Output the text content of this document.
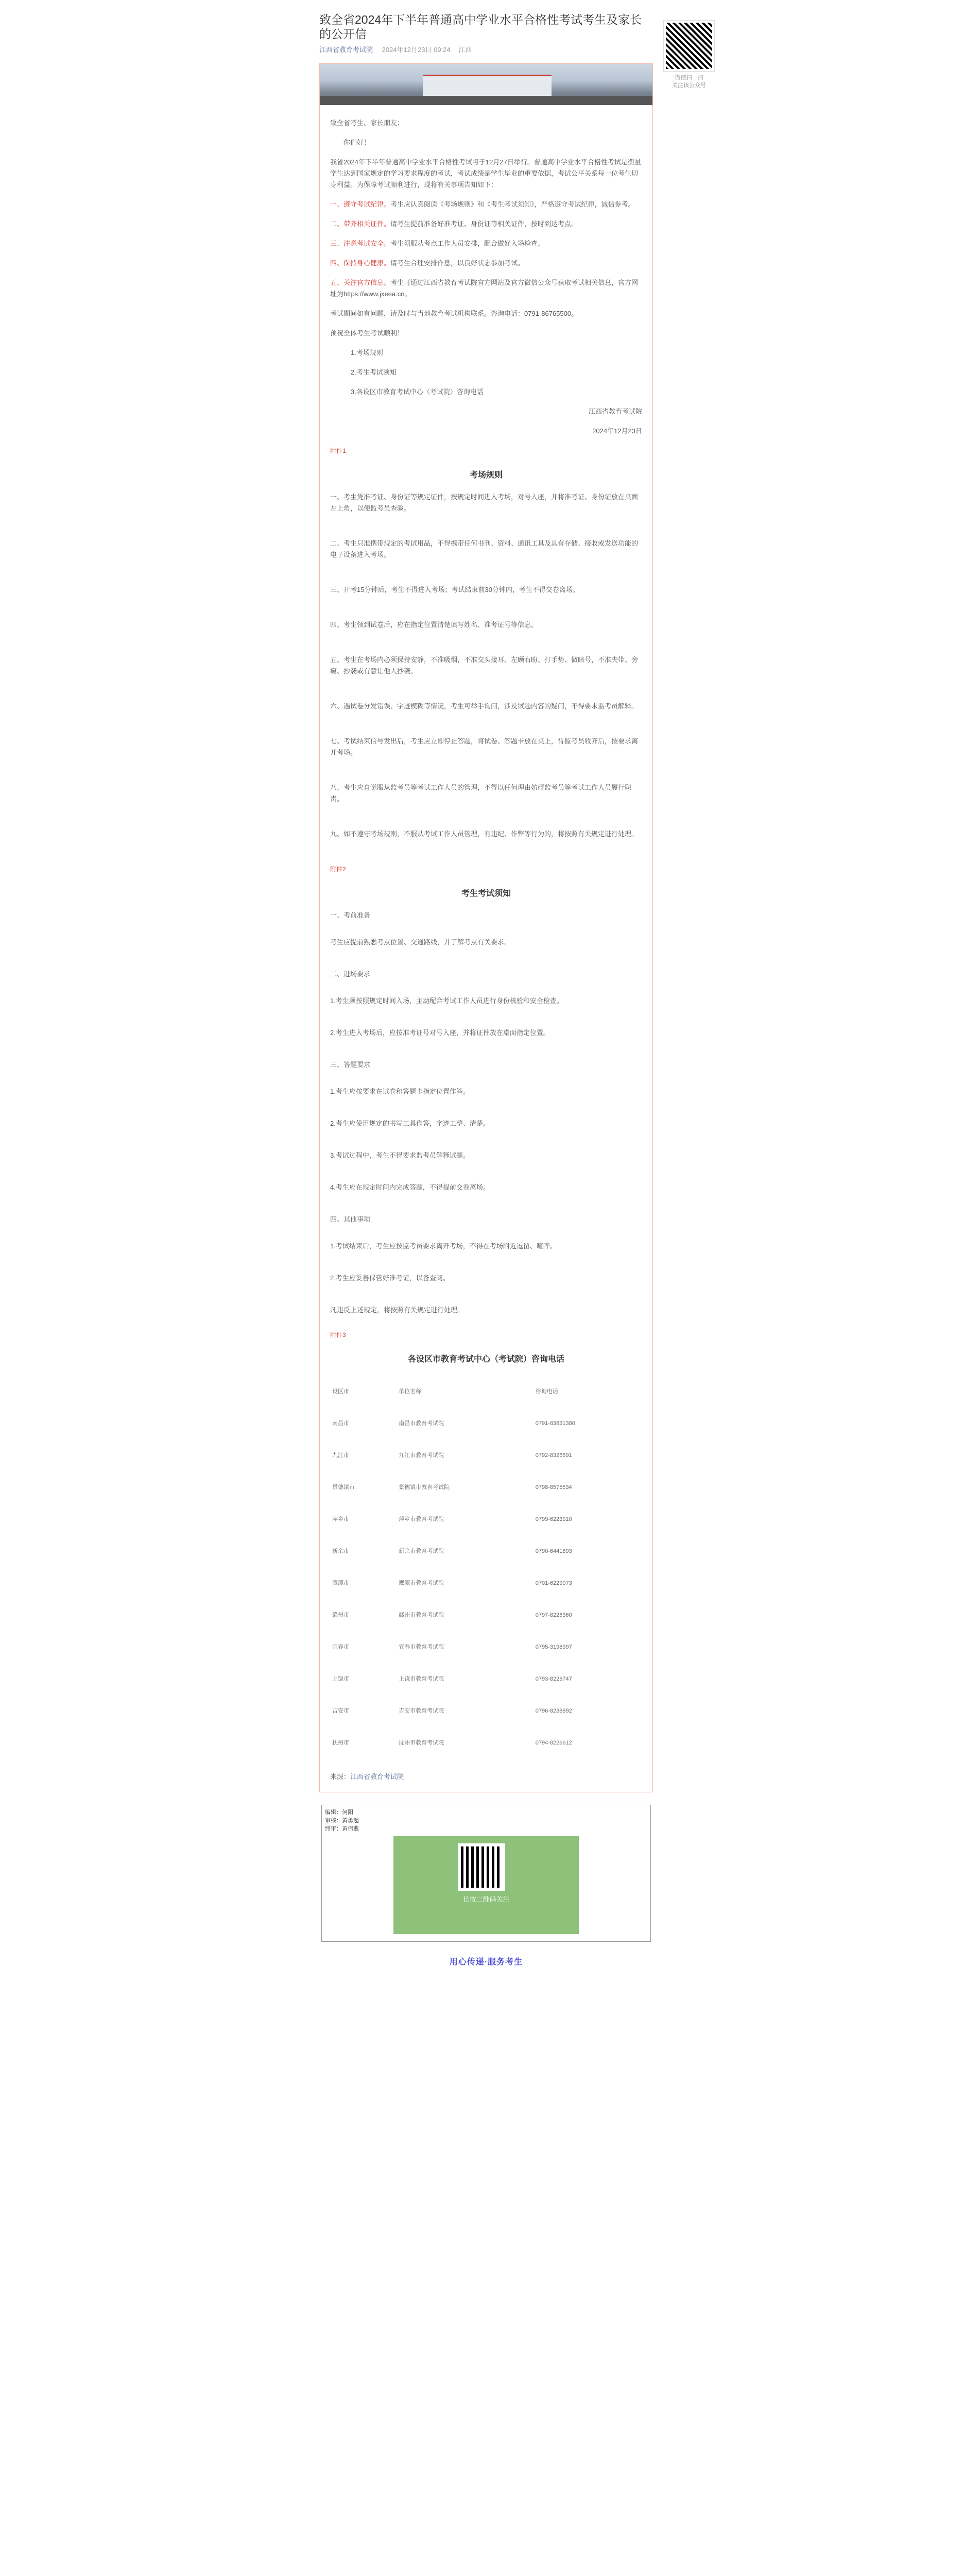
微信扫一扫
关注该公众号
致全省2024年下半年普通高中学业水平合格性考试考生及家长的公开信
江西省教育考试院 2024年12月23日 09:24 江西

致全省考生、家长朋友：

你们好！

我省2024年下半年普通高中学业水平合格性考试将于12月27日举行。普通高中学业水平合格性考试是衡量学生达到国家规定的学习要求程度的考试，考试成绩是学生毕业的重要依据，考试公平关系每一位考生切身利益。为保障考试顺利进行，现将有关事项告知如下：

一、遵守考试纪律。考生应认真阅读《考场规则》和《考生考试须知》，严格遵守考试纪律，诚信参考。

二、带齐相关证件。请考生提前准备好准考证、身份证等相关证件，按时到达考点。

三、注意考试安全。考生须服从考点工作人员安排，配合做好入场检查。

四、保持身心健康。请考生合理安排作息，以良好状态参加考试。

五、关注官方信息。考生可通过江西省教育考试院官方网站及官方微信公众号获取考试相关信息，官方网址为https://www.jxeea.cn。

考试期间如有问题，请及时与当地教育考试机构联系。咨询电话：0791-86765500。

预祝全体考生考试顺利！

1.考场规则

2.考生考试须知

3.各设区市教育考试中心（考试院）咨询电话

江西省教育考试院

2024年12月23日

附件1
考场规则

一、考生凭准考证、身份证等规定证件，按规定时间进入考场，对号入座，并将准考证、身份证放在桌面左上角，以便监考员查验。

二、考生只准携带规定的考试用品，不得携带任何书刊、资料、通讯工具及具有存储、接收或发送功能的电子设备进入考场。

三、开考15分钟后，考生不得进入考场；考试结束前30分钟内，考生不得交卷离场。

四、考生领到试卷后，应在指定位置清楚填写姓名、准考证号等信息。

五、考生在考场内必须保持安静，不准吸烟，不准交头接耳、左顾右盼、打手势、做暗号，不准夹带、旁窥、抄袭或有意让他人抄袭。

六、遇试卷分发错误、字迹模糊等情况，考生可举手询问，涉及试题内容的疑问，不得要求监考员解释。

七、考试结束信号发出后，考生应立即停止答题，将试卷、答题卡放在桌上，待监考员收齐后，按要求离开考场。

八、考生应自觉服从监考员等考试工作人员的管理，不得以任何理由妨碍监考员等考试工作人员履行职责。

九、如不遵守考场规则，不服从考试工作人员管理，有违纪、作弊等行为的，将按照有关规定进行处理。

附件2
考生考试须知

一、考前准备

考生应提前熟悉考点位置、交通路线，并了解考点有关要求。

二、进场要求

1.考生须按照规定时间入场，主动配合考试工作人员进行身份核验和安全检查。

2.考生进入考场后，应按准考证号对号入座，并将证件放在桌面指定位置。

三、答题要求

1.考生应按要求在试卷和答题卡指定位置作答。

2.考生应使用规定的书写工具作答，字迹工整、清楚。

3.考试过程中，考生不得要求监考员解释试题。

4.考生应在规定时间内完成答题，不得提前交卷离场。

四、其他事项

1.考试结束后，考生应按监考员要求离开考场，不得在考场附近逗留、喧哗。

2.考生应妥善保管好准考证，以备查阅。

凡违反上述规定，将按照有关规定进行处理。

附件3
各设区市教育考试中心（考试院）咨询电话
设区市	单位名称	咨询电话
南昌市	南昌市教育考试院	0791-83831380
九江市	九江市教育考试院	0792-8326691
景德镇市	景德镇市教育考试院	0798-8575534
萍乡市	萍乡市教育考试院	0799-6223910
新余市	新余市教育考试院	0790-6441893
鹰潭市	鹰潭市教育考试院	0701-6229073
赣州市	赣州市教育考试院	0797-8226360
宜春市	宜春市教育考试院	0795-3198997
上饶市	上饶市教育考试院	0793-8226747
吉安市	吉安市教育考试院	0796-8238892
抚州市	抚州市教育考试院	0794-8226612
来源：江西省教育考试院
编辑：何阳
审核：黄勇超
终审：黄伟燕
长按二维码关注
用心传递·服务考生
